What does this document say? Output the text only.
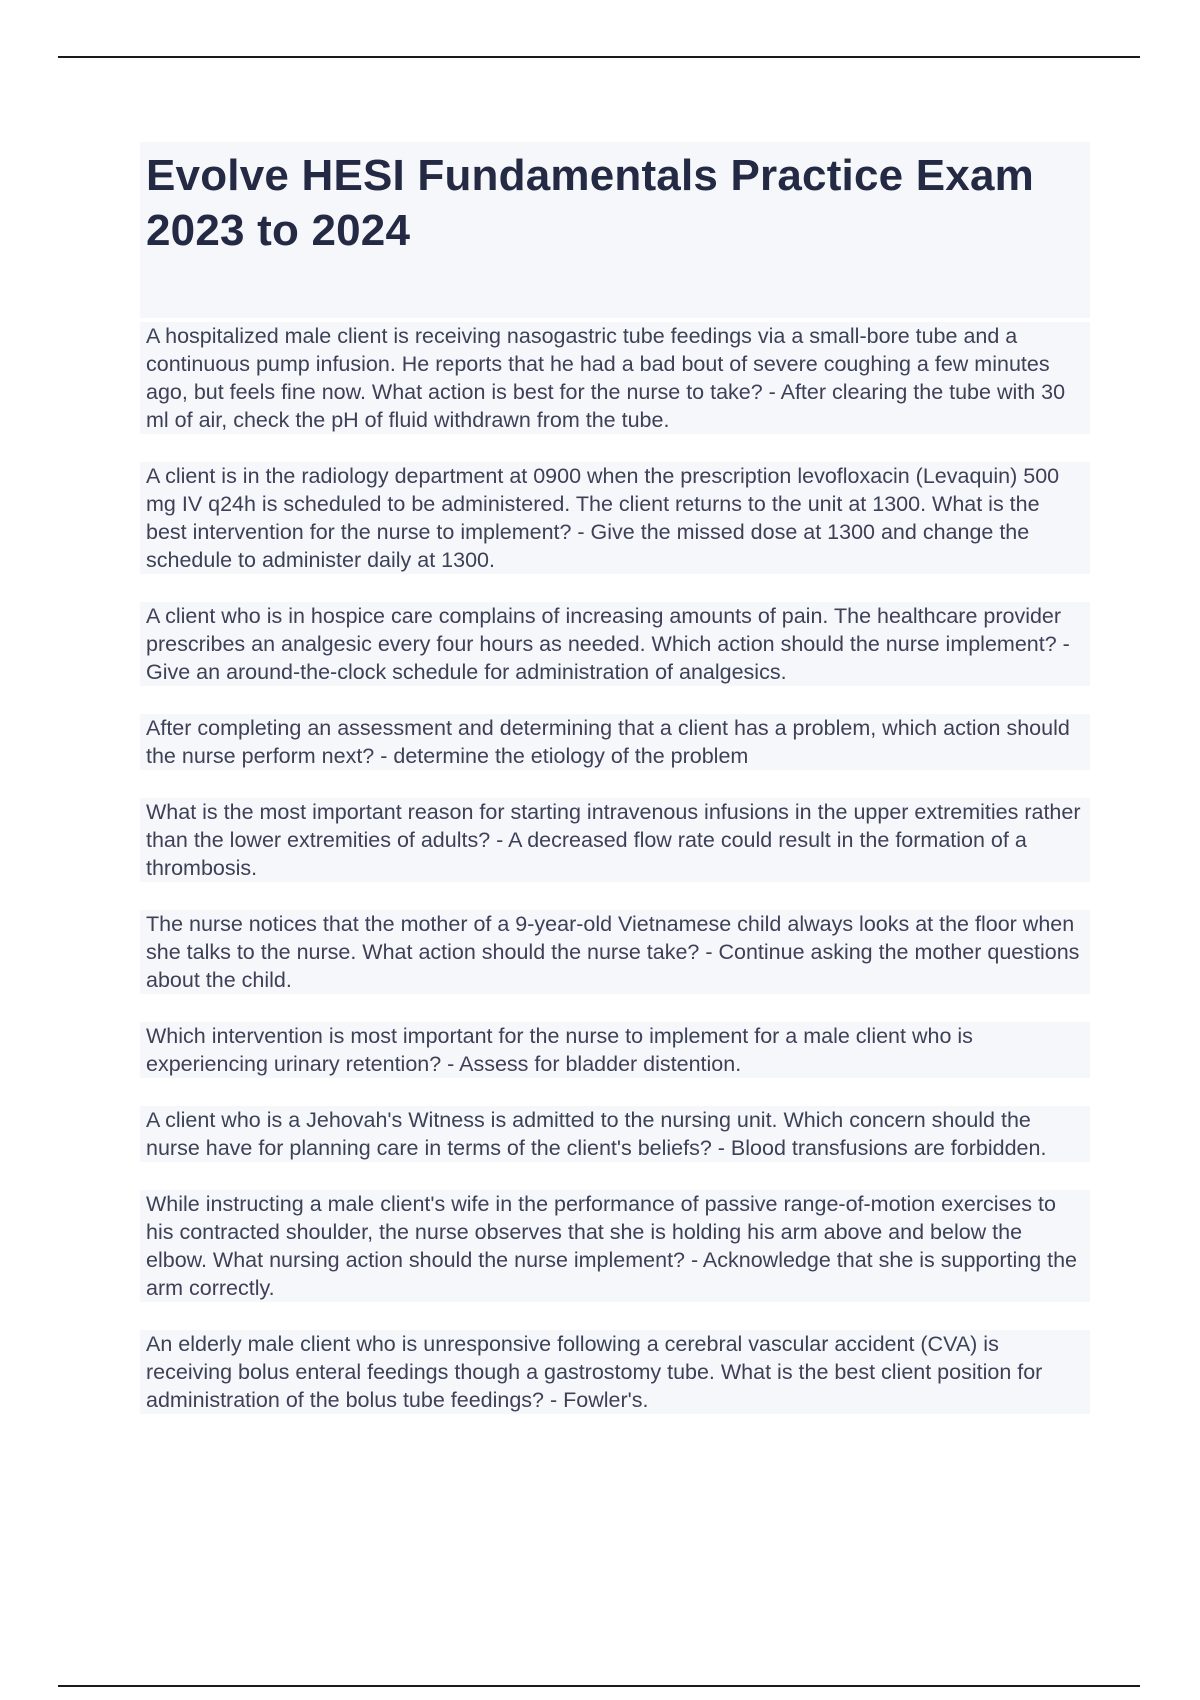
Evolve HESI Fundamentals Practice Exam 2023 to 2024

A hospitalized male client is receiving nasogastric tube feedings via a small-bore tube and a continuous pump infusion. He reports that he had a bad bout of severe coughing a few minutes ago, but feels fine now. What action is best for the nurse to take? - After clearing the tube with 30 ml of air, check the pH of fluid withdrawn from the tube.

A client is in the radiology department at 0900 when the prescription levofloxacin (Levaquin) 500 mg IV q24h is scheduled to be administered. The client returns to the unit at 1300. What is the best intervention for the nurse to implement? - Give the missed dose at 1300 and change the schedule to administer daily at 1300.

A client who is in hospice care complains of increasing amounts of pain. The healthcare provider prescribes an analgesic every four hours as needed. Which action should the nurse implement? - Give an around-the-clock schedule for administration of analgesics.

After completing an assessment and determining that a client has a problem, which action should the nurse perform next? - determine the etiology of the problem

What is the most important reason for starting intravenous infusions in the upper extremities rather than the lower extremities of adults? - A decreased flow rate could result in the formation of a thrombosis.

The nurse notices that the mother of a 9-year-old Vietnamese child always looks at the floor when she talks to the nurse. What action should the nurse take? - Continue asking the mother questions about the child.

Which intervention is most important for the nurse to implement for a male client who is experiencing urinary retention? - Assess for bladder distention.

A client who is a Jehovah's Witness is admitted to the nursing unit. Which concern should the nurse have for planning care in terms of the client's beliefs? - Blood transfusions are forbidden.

While instructing a male client's wife in the performance of passive range-of-motion exercises to his contracted shoulder, the nurse observes that she is holding his arm above and below the elbow. What nursing action should the nurse implement? - Acknowledge that she is supporting the arm correctly.

An elderly male client who is unresponsive following a cerebral vascular accident (CVA) is receiving bolus enteral feedings though a gastrostomy tube. What is the best client position for administration of the bolus tube feedings? - Fowler's.
